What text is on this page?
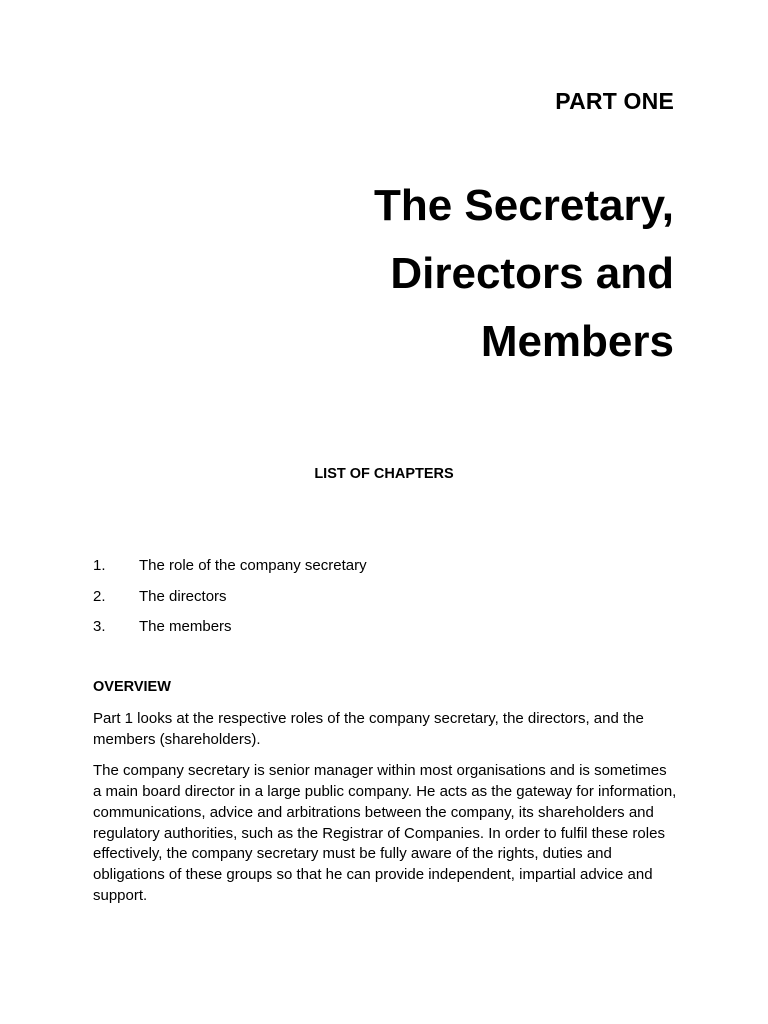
PART ONE
The Secretary,
Directors and
Members
LIST OF CHAPTERS
1.	The role of the company secretary
2.	The directors
3.	The members
OVERVIEW

Part 1 looks at the respective roles of the company secretary, the directors, and the members (shareholders).

The company secretary is senior manager within most organisations and is sometimes a main board director in a large public company. He acts as the gateway for information, communications, advice and arbitrations between the company, its shareholders and regulatory authorities, such as the Registrar of Companies. In order to fulfil these roles effectively, the company secretary must be fully aware of the rights, duties and obligations of these groups so that he can provide independent, impartial advice and support.
